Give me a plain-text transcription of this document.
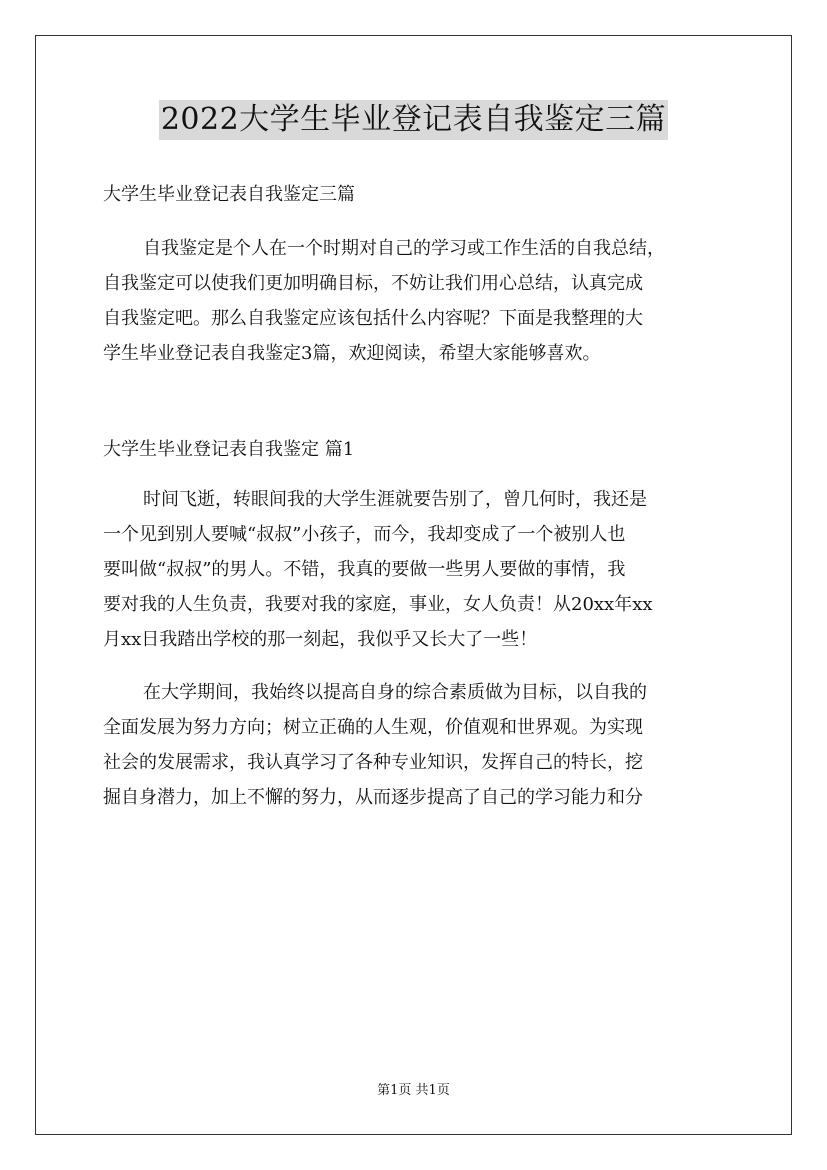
2022大学生毕业登记表自我鉴定三篇

大学生毕业登记表自我鉴定三篇

自我鉴定是个人在一个时期对自己的学习或工作生活的自我总结，

自我鉴定可以使我们更加明确目标，不妨让我们用心总结，认真完成

自我鉴定吧。那么自我鉴定应该包括什么内容呢？下面是我整理的大

学生毕业登记表自我鉴定3篇，欢迎阅读，希望大家能够喜欢。

大学生毕业登记表自我鉴定 篇1

时间飞逝，转眼间我的大学生涯就要告别了，曾几何时，我还是

一个见到别人要喊“叔叔”小孩子，而今，我却变成了一个被别人也

要叫做“叔叔”的男人。不错，我真的要做一些男人要做的事情，我

要对我的人生负责，我要对我的家庭，事业，女人负责！从20xx年xx

月xx日我踏出学校的那一刻起，我似乎又长大了一些！

在大学期间，我始终以提高自身的综合素质做为目标，以自我的

全面发展为努力方向；树立正确的人生观，价值观和世界观。为实现

社会的发展需求，我认真学习了各种专业知识，发挥自己的特长，挖

掘自身潜力，加上不懈的努力，从而逐步提高了自己的学习能力和分

第1页 共1页
